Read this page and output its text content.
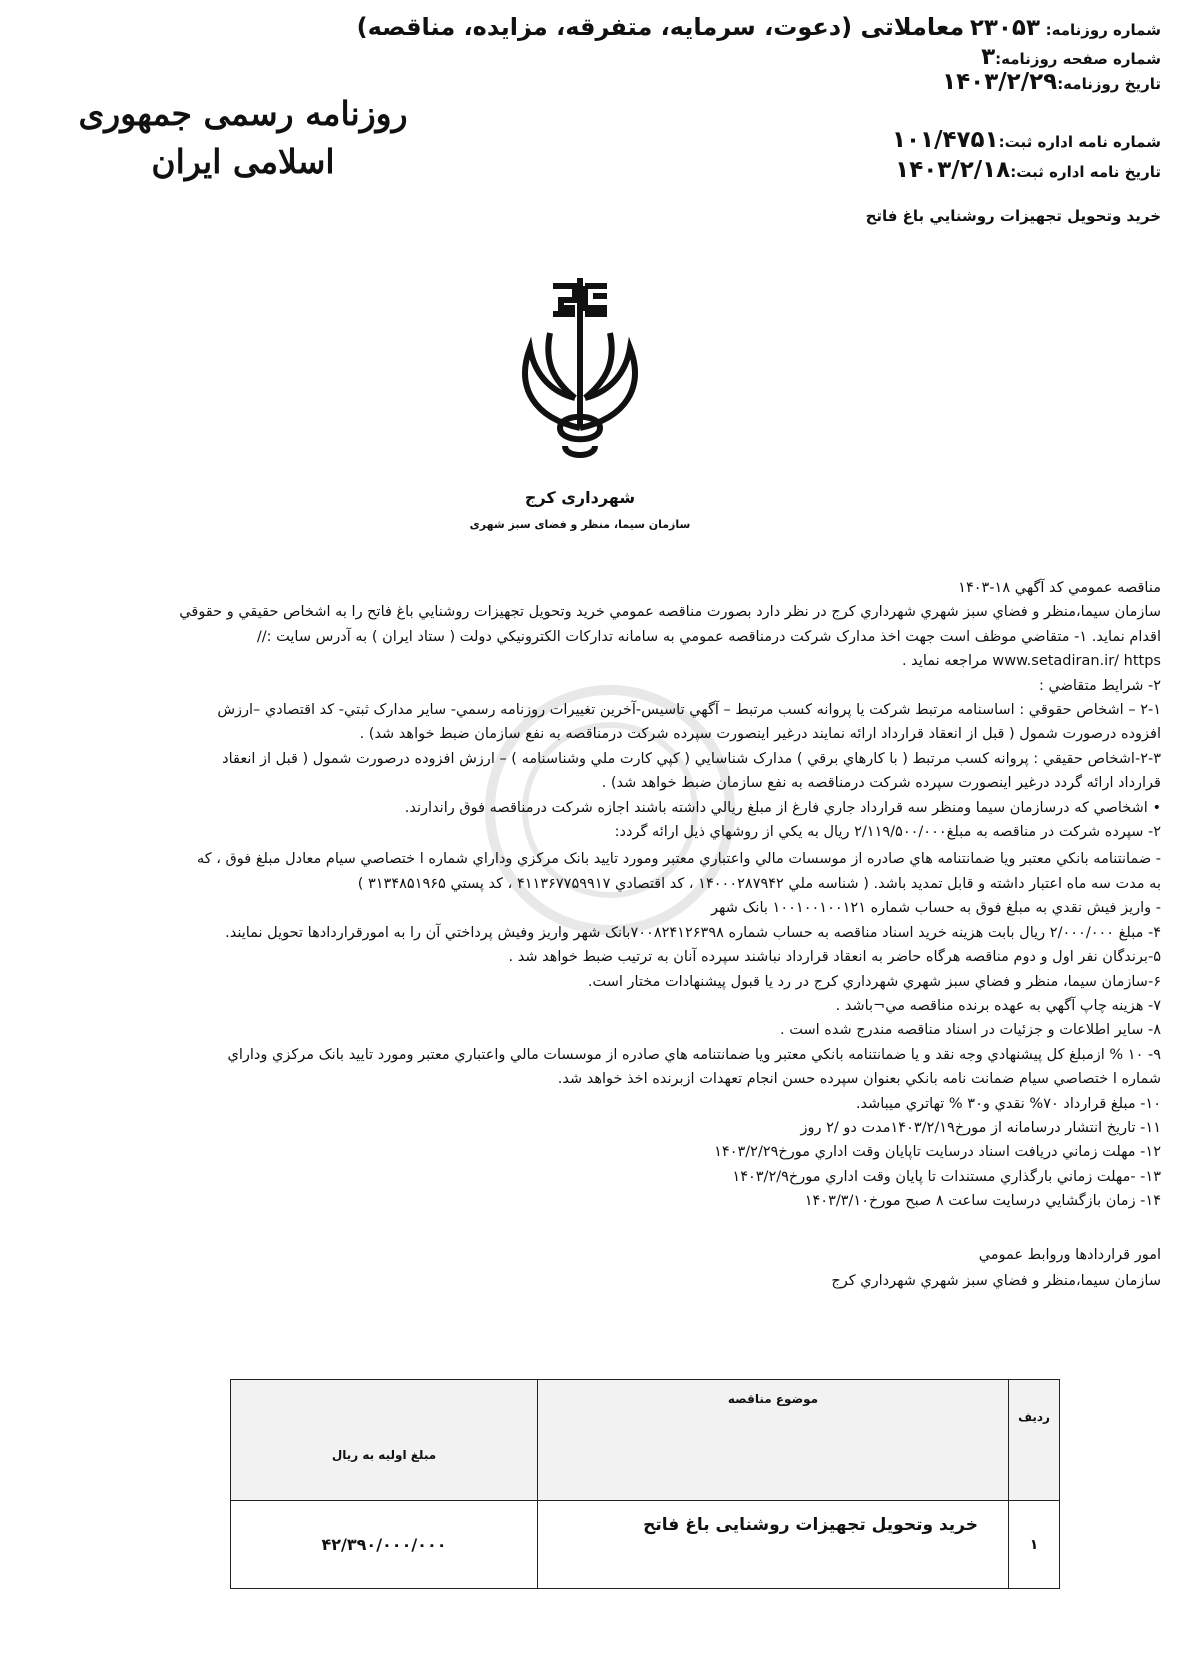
شماره روزنامه: ۲۳۰۵۳ معاملاتی (دعوت، سرمایه، متفرقه، مزایده، مناقصه)
شماره صفحه روزنامه:۳
تاریخ روزنامه:۱۴۰۳/۲/۲۹
شماره نامه اداره ثبت:۱۰۱/۴۷۵۱
تاریخ نامه اداره ثبت:۱۴۰۳/۲/۱۸
روزنامه رسمی جمهوری اسلامی ایران
خريد وتحويل تجهيزات روشنايي باغ فاتح
شهرداری کرج
سازمان سیما، منظر و فضای سبز شهری

مناقصه عمومي کد آگهي ۱۸-۱۴۰۳

سازمان سيما،منظر و فضاي سبز شهري شهرداري کرج در نظر دارد بصورت مناقصه عمومي خريد وتحويل تجهيزات روشنايي باغ فاتح را به اشخاص حقيقي و حقوقي

اقدام نمايد. ۱- متقاضي موظف است جهت اخذ مدارک شرکت درمناقصه عمومي به سامانه تدارکات الکترونيکي دولت ( ستاد ايران ) به آدرس سايت ://

www.setadiran.ir/ https مراجعه نمايد .

۲- شرايط متقاضي :

۲-۱ – اشخاص حقوقي : اساسنامه مرتبط شرکت يا پروانه کسب مرتبط – آگهي تاسيس-آخرين تغييرات روزنامه رسمي- ساير مدارک ثبتي- کد اقتصادي –ارزش

افزوده درصورت شمول ( قبل از انعقاد قرارداد ارائه نمايند درغير اينصورت سپرده شرکت درمناقصه به نفع سازمان ضبط خواهد شد) .

۲-۳-اشخاص حقيقي : پروانه کسب مرتبط ( با کارهاي برقي ) مدارک شناسايي ( کپي کارت ملي وشناسنامه ) – ارزش افزوده درصورت شمول ( قبل از انعقاد

قرارداد ارائه گردد درغير اينصورت سپرده شرکت درمناقصه به نفع سازمان ضبط خواهد شد) .

• اشخاصي که درسازمان سيما ومنظر سه قرارداد جاري فارغ از مبلغ ريالي داشته باشند اجازه شرکت درمناقصه فوق راندارند.

۲- سپرده شرکت در مناقصه به مبلغ۲/۱۱۹/۵۰۰/۰۰۰ ريال به يکي از روشهاي ذيل ارائه گردد:

- ضمانتنامه بانکي معتبر ويا ضمانتنامه هاي صادره از موسسات مالي واعتباري معتبر ومورد تاييد بانک مرکزي وداراي شماره ا ختصاصي سيام معادل مبلغ فوق ، که

به مدت سه ماه اعتبار داشته و قابل تمديد باشد. ( شناسه ملي ۱۴۰۰۰۲۸۷۹۴۲ ، کد اقتصادي ۴۱۱۳۶۷۷۵۹۹۱۷ ، کد پستي ۳۱۳۴۸۵۱۹۶۵ )

- واريز فيش نقدي به مبلغ فوق به حساب شماره ۱۰۰۱۰۰۱۰۰۱۲۱ بانک شهر

۴- مبلغ ۲/۰۰۰/۰۰۰ ريال بابت هزينه خريد اسناد مناقصه به حساب شماره ۷۰۰۸۲۴۱۲۶۳۹۸بانک شهر واريز وفيش پرداختي آن را به امورقراردادها تحويل نمايند.

۵-برندگان نفر اول و دوم مناقصه هرگاه حاضر به انعقاد قرارداد نباشند سپرده آنان به ترتيب ضبط خواهد شد .

۶-سازمان سيما، منظر و فضاي سبز شهري شهرداري کرج در رد يا قبول پيشنهادات مختار است.

۷- هزينه چاپ آگهي به عهده برنده مناقصه مي¬باشد .

۸- ساير اطلاعات و جزئيات در اسناد مناقصه مندرج شده است .

۹- ۱۰ % ازمبلغ کل پيشنهادي وجه نقد و يا ضمانتنامه بانکي معتبر ويا ضمانتنامه هاي صادره از موسسات مالي واعتباري معتبر ومورد تاييد بانک مرکزي وداراي

شماره ا ختصاصي سيام ضمانت نامه بانکي بعنوان سپرده حسن انجام تعهدات ازبرنده اخذ خواهد شد.

۱۰- مبلغ قرارداد ۷۰% نقدي و۳۰ % تهاتري ميباشد.

۱۱- تاريخ انتشار درسامانه از مورخ۱۴۰۳/۲/۱۹مدت دو /۲ روز

۱۲- مهلت زماني دريافت اسناد درسايت تاپايان وقت اداري مورخ۱۴۰۳/۲/۲۹

۱۳- -مهلت زماني بارگذاري مستندات تا پايان وقت اداري مورخ۱۴۰۳/۲/۹

۱۴- زمان بازگشايي درسايت ساعت ۸ صبح مورخ۱۴۰۳/۳/۱۰

امور قراردادها وروابط عمومي

سازمان سيما،منظر و فضاي سبز شهري شهرداري کرج

رديف	موضوع مناقصه	مبلغ اوليه به ريال
۱	خرید وتحویل تجهیزات روشنایی باغ فاتح	۴۲/۳۹۰/۰۰۰/۰۰۰
